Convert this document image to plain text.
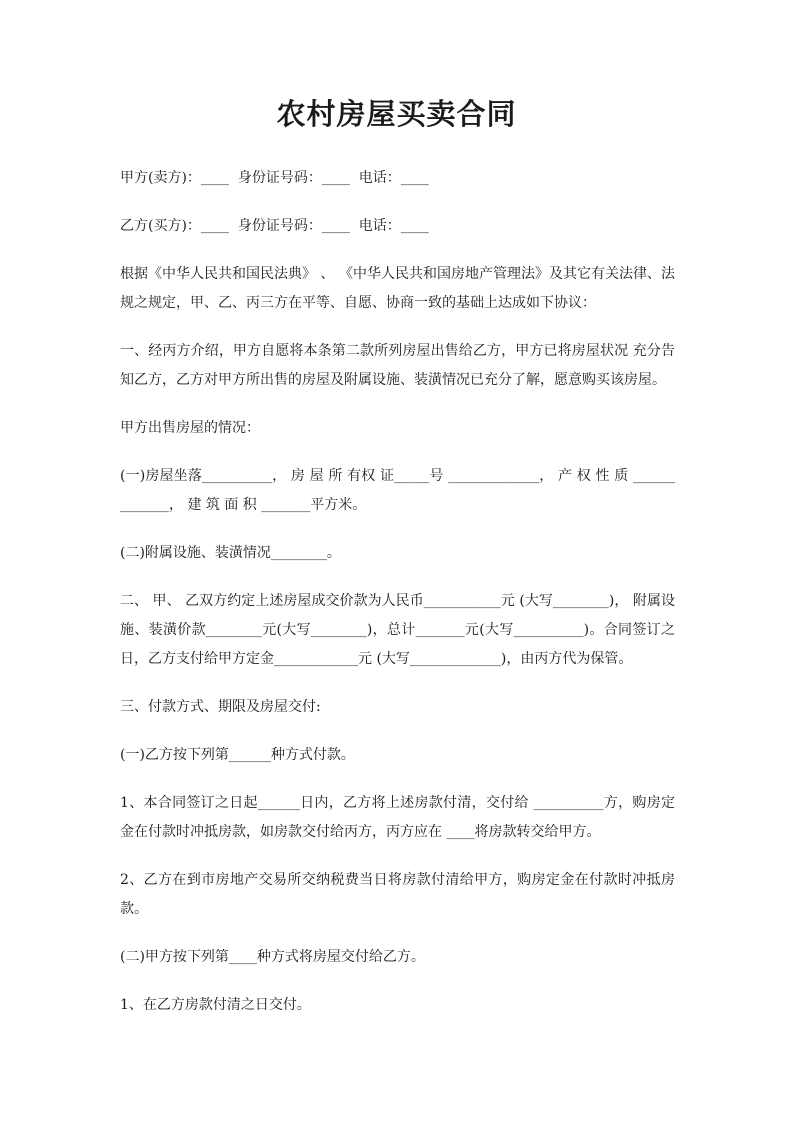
农村房屋买卖合同

甲方(卖方)：____  身份证号码：____  电话：____

乙方(买方)：____  身份证号码：____  电话：____

根据《中华人民共和国民法典》 、 《中华人民共和国房地产管理法》及其它有关法律、法规之规定，甲、乙、丙三方在平等、自愿、协商一致的基础上达成如下协议：

一、经丙方介绍，甲方自愿将本条第二款所列房屋出售给乙方，甲方已将房屋状况 充分告知乙方，乙方对甲方所出售的房屋及附属设施、装潢情况已充分了解，愿意购买该房屋。

甲方出售房屋的情况：

(一)房屋坐落__________， 房 屋 所 有权 证_____号 _____________， 产 权 性 质 _____________， 建 筑 面 积 _______平方米。

(二)附属设施、装潢情况________。

二、 甲、 乙双方约定上述房屋成交价款为人民币___________元 (大写________)， 附属设施、装潢价款________元(大写________)，总计_______元(大写__________)。合同签订之日，乙方支付给甲方定金____________元 (大写_____________)，由丙方代为保管。

三、付款方式、期限及房屋交付:

(一)乙方按下列第______种方式付款。

1、本合同签订之日起______日内，乙方将上述房款付清，交付给 __________方，购房定金在付款时冲抵房款，如房款交付给丙方，丙方应在 ____将房款转交给甲方。

2、乙方在到市房地产交易所交纳税费当日将房款付清给甲方，购房定金在付款时冲抵房款。

(二)甲方按下列第____种方式将房屋交付给乙方。

1、在乙方房款付清之日交付。
